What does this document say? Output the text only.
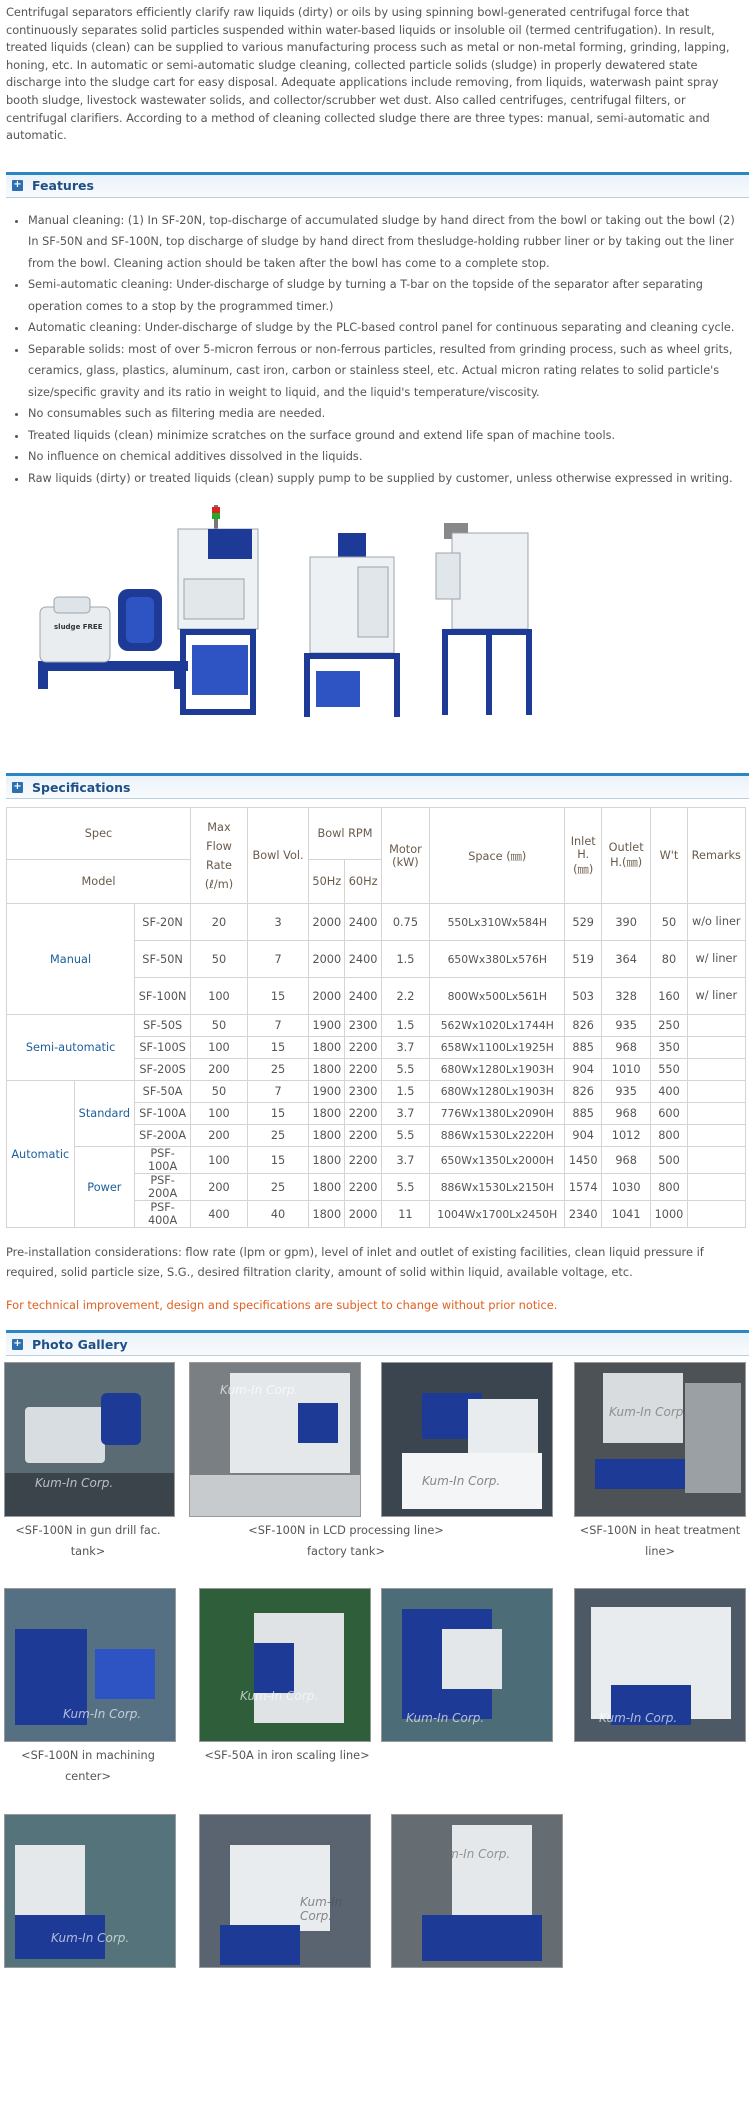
Centrifugal separators efficiently clarify raw liquids (dirty) or oils by using spinning bowl-generated centrifugal force that continuously separates solid particles suspended within water-based liquids or insoluble oil (termed centrifugation). In result, treated liquids (clean) can be supplied to various manufacturing process such as metal or non-metal forming, grinding, lapping, honing, etc. In automatic or semi-automatic sludge cleaning, collected particle solids (sludge) in properly dewatered state discharge into the sludge cart for easy disposal. Adequate applications include removing, from liquids, waterwash paint spray booth sludge, livestock wastewater solids, and collector/scrubber wet dust. Also called centrifuges, centrifugal filters, or centrifugal clarifiers. According to a method of cleaning collected sludge there are three types: manual, semi-automatic and automatic.

+ Features
• Manual cleaning: (1) In SF-20N, top-discharge of accumulated sludge by hand direct from the bowl or taking out the bowl (2) In SF-50N and SF-100N, top discharge of sludge by hand direct from thesludge-holding rubber liner or by taking out the liner from the bowl. Cleaning action should be taken after the bowl has come to a complete stop.
• Semi-automatic cleaning: Under-discharge of sludge by turning a T-bar on the topside of the separator after separating operation comes to a stop by the programmed timer.)
• Automatic cleaning: Under-discharge of sludge by the PLC-based control panel for continuous separating and cleaning cycle.
• Separable solids: most of over 5-micron ferrous or non-ferrous particles, resulted from grinding process, such as wheel grits, ceramics, glass, plastics, aluminum, cast iron, carbon or stainless steel, etc. Actual micron rating relates to solid particle's size/specific gravity and its ratio in weight to liquid, and the liquid's temperature/viscosity.
• No consumables such as filtering media are needed.
• Treated liquids (clean) minimize scratches on the surface ground and extend life span of machine tools.
• No influence on chemical additives dissolved in the liquids.
• Raw liquids (dirty) or treated liquids (clean) supply pump to be supplied by customer, unless otherwise expressed in writing.
sludge FREE
+ Specifications
Spec			Max Flow Rate (ℓ/m)	Bowl Vol.	Bowl RPM		Motor (kW)	Space (㎜)	Inlet H. (㎜)	Outlet H.(㎜)	W't	Remarks
Model					50Hz	60Hz						
Manual		SF-20N	20	3	2000	2400	0.75	550Lx310Wx584H	529	390	50	w/o liner
		SF-50N	50	7	2000	2400	1.5	650Wx380Lx576H	519	364	80	w/ liner
		SF-100N	100	15	2000	2400	2.2	800Wx500Lx561H	503	328	160	w/ liner
Semi-automatic		SF-50S	50	7	1900	2300	1.5	562Wx1020Lx1744H	826	935	250	
		SF-100S	100	15	1800	2200	3.7	658Wx1100Lx1925H	885	968	350	
		SF-200S	200	25	1800	2200	5.5	680Wx1280Lx1903H	904	1010	550	
Automatic	Standard	SF-50A	50	7	1900	2300	1.5	680Wx1280Lx1903H	826	935	400	
		SF-100A	100	15	1800	2200	3.7	776Wx1380Lx2090H	885	968	600	
		SF-200A	200	25	1800	2200	5.5	886Wx1530Lx2220H	904	1012	800	
	Power	PSF-100A	100	15	1800	2200	3.7	650Wx1350Lx2000H	1450	968	500	
		PSF-200A	200	25	1800	2200	5.5	886Wx1530Lx2150H	1574	1030	800	
		PSF-400A	400	40	1800	2000	11	1004Wx1700Lx2450H	2340	1041	1000	

Pre-installation considerations: flow rate (lpm or gpm), level of inlet and outlet of existing facilities, clean liquid pressure if required, solid particle size, S.G., desired filtration clarity, amount of solid within liquid, available voltage, etc.

For technical improvement, design and specifications are subject to change without prior notice.

+ Photo Gallery
Kum-In Corp.
Kum-In Corp.
Kum-In Corp.
Kum-In Corp.
<SF-100N in gun drill fac. tank>
<SF-100N in LCD processing line> factory tank>
<SF-100N in heat treatment line>
Kum-In Corp.
Kum-In Corp.
Kum-In Corp.	Kum-In Corp.
<SF-100N in machining center>
<SF-50A in iron scaling line>
Kum-In Corp.
Kum-In Corp.
Kum-In Corp.
